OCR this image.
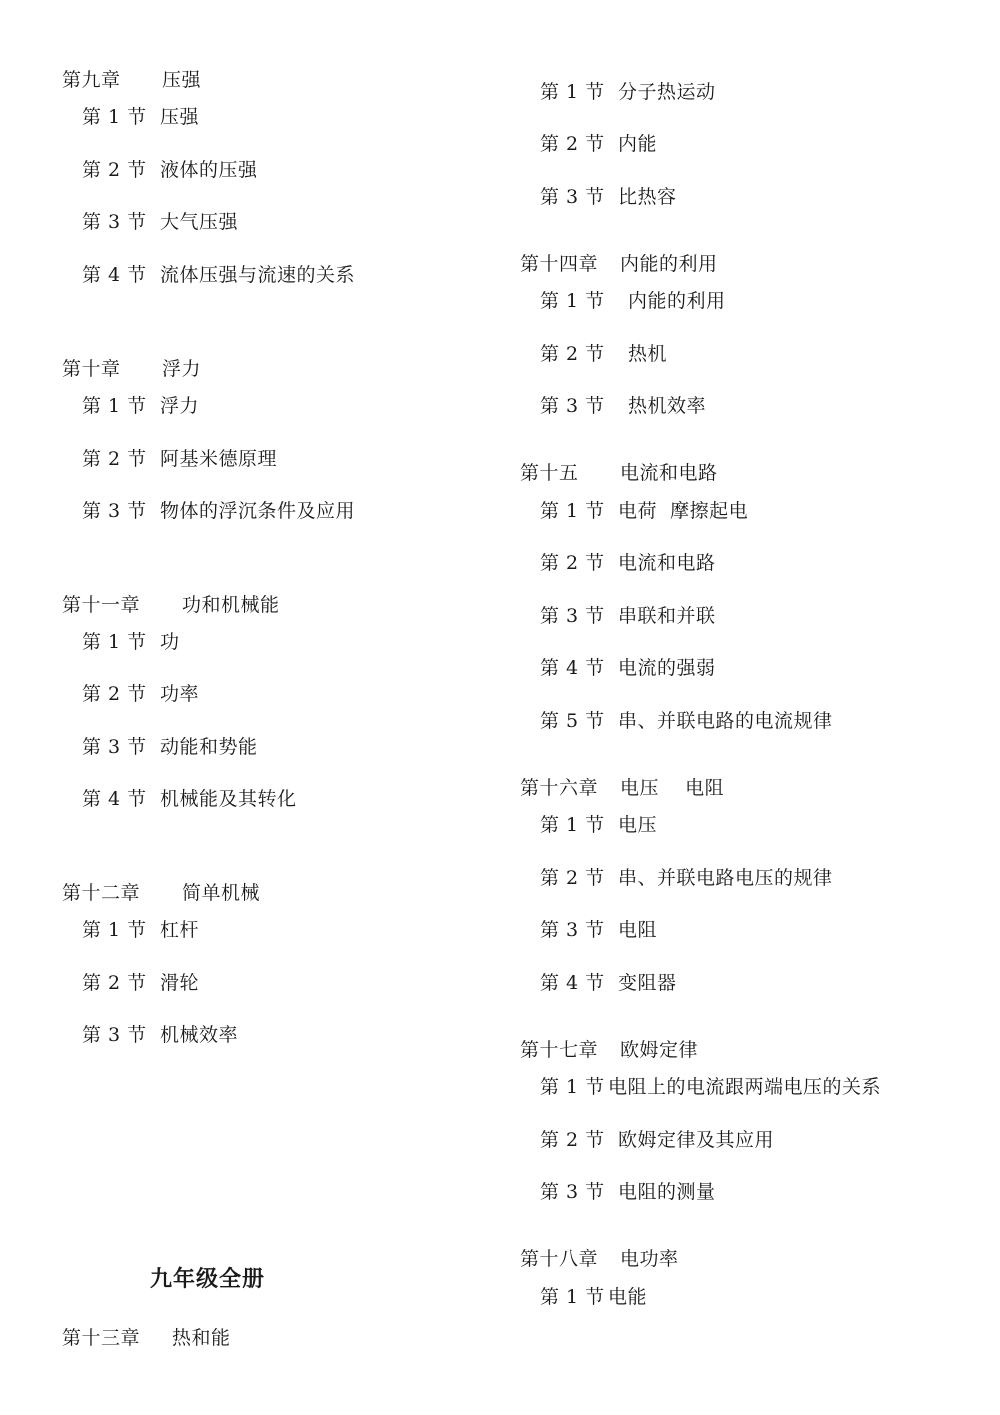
第九章 压强
第 1 节 压强
第 2 节 液体的压强
第 3 节 大气压强
第 4 节 流体压强与流速的关系
第十章 浮力
第 1 节 浮力
第 2 节 阿基米德原理
第 3 节 物体的浮沉条件及应用
第十一章 功和机械能
第 1 节 功
第 2 节 功率
第 3 节 动能和势能
第 4 节 机械能及其转化
第十二章 简单机械
第 1 节 杠杆
第 2 节 滑轮
第 3 节 机械效率
九年级全册
第十三章 热和能
第 1 节 分子热运动
第 2 节 内能
第 3 节 比热容
第十四章 内能的利用
第 1 节 内能的利用
第 2 节 热机
第 3 节 热机效率
第十五 电流和电路
第 1 节 电荷  摩擦起电
第 2 节 电流和电路
第 3 节 串联和并联
第 4 节 电流的强弱
第 5 节 串、并联电路的电流规律
第十六章 电压    电阻
第 1 节 电压
第 2 节 串、并联电路电压的规律
第 3 节 电阻
第 4 节 变阻器
第十七章 欧姆定律
第 1 节 电阻上的电流跟两端电压的关系
第 2 节 欧姆定律及其应用
第 3 节 电阻的测量
第十八章 电功率
第 1 节 电能
